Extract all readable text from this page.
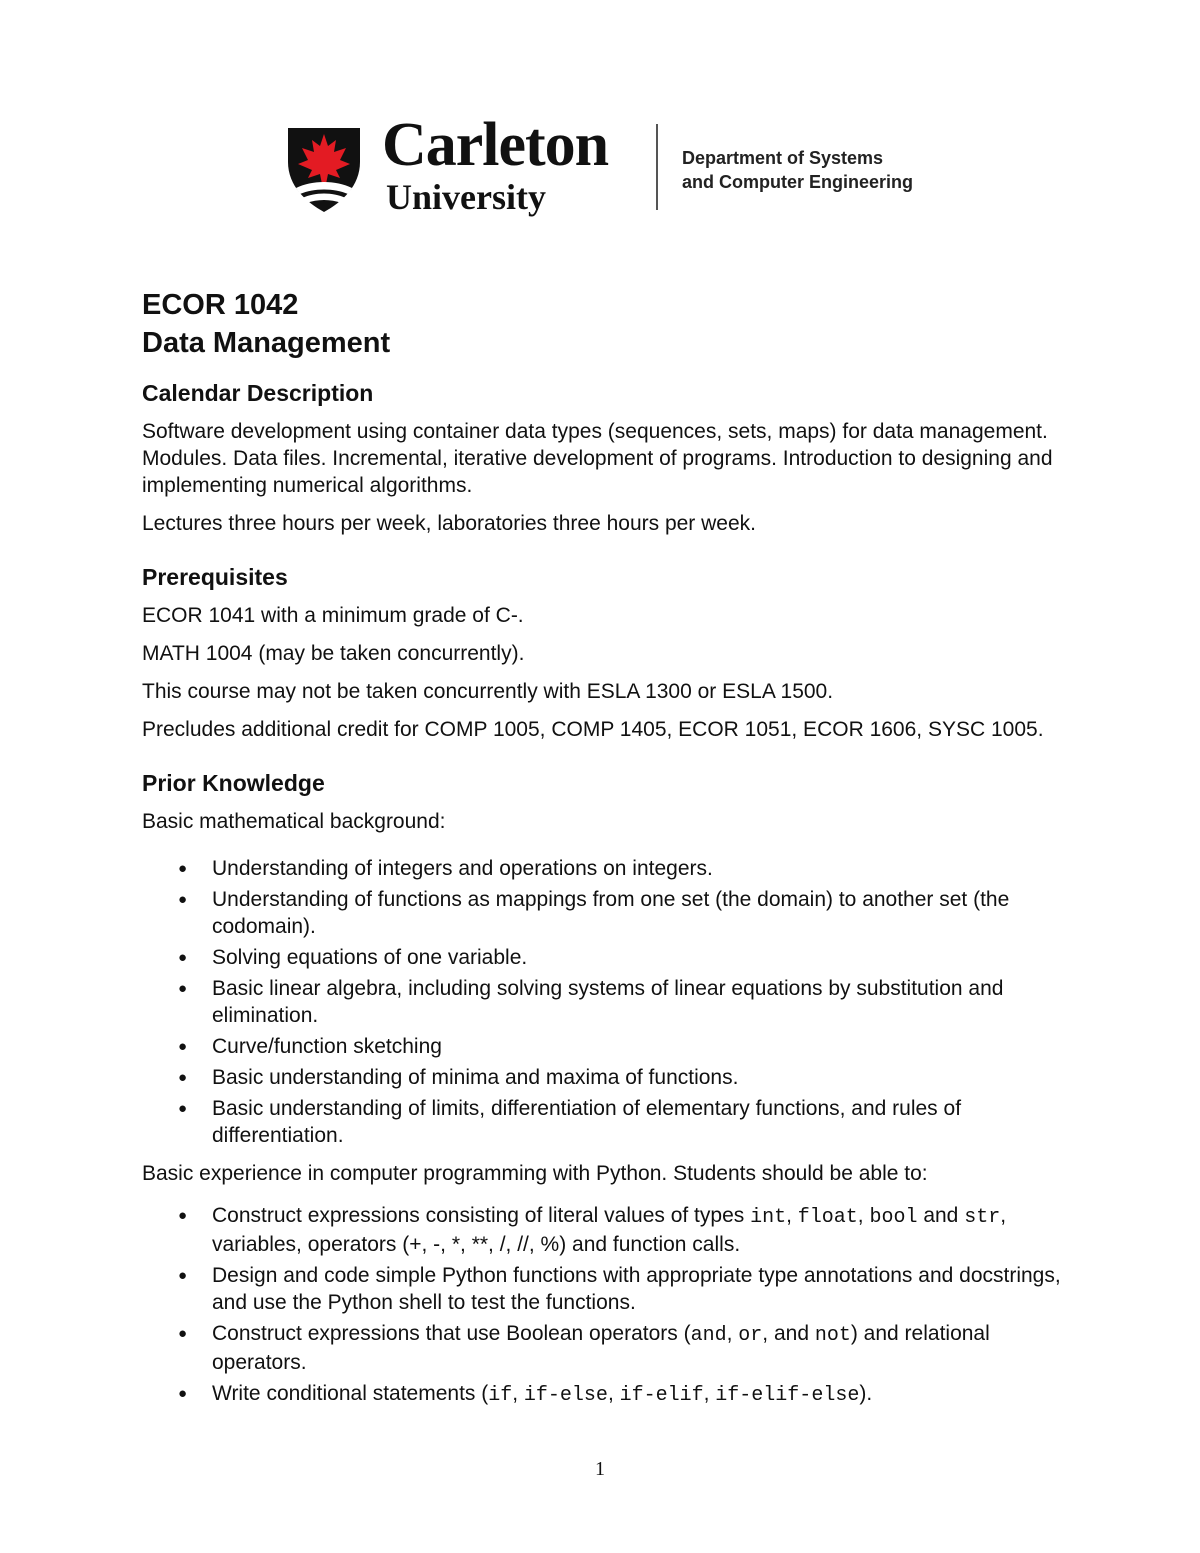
Carleton
University
Department of Systems
and Computer Engineering
ECOR 1042
Data Management
Calendar Description

Software development using container data types (sequences, sets, maps) for data management. Modules. Data files. Incremental, iterative development of programs. Introduction to designing and implementing numerical algorithms.

Lectures three hours per week, laboratories three hours per week.

Prerequisites

ECOR 1041 with a minimum grade of C-.

MATH 1004 (may be taken concurrently).

This course may not be taken concurrently with ESLA 1300 or ESLA 1500.

Precludes additional credit for COMP 1005, COMP 1405, ECOR 1051, ECOR 1606, SYSC 1005.

Prior Knowledge

Basic mathematical background:

● Understanding of integers and operations on integers.
● Understanding of functions as mappings from one set (the domain) to another set (the codomain).
● Solving equations of one variable.
● Basic linear algebra, including solving systems of linear equations by substitution and elimination.
● Curve/function sketching
● Basic understanding of minima and maxima of functions.
● Basic understanding of limits, differentiation of elementary functions, and rules of differentiation.

Basic experience in computer programming with Python. Students should be able to:

● Construct expressions consisting of literal values of types int, float, bool and str, variables, operators (+, -, *, **, /, //, %) and function calls.
● Design and code simple Python functions with appropriate type annotations and docstrings, and use the Python shell to test the functions.
● Construct expressions that use Boolean operators (and, or, and not) and relational operators.
● Write conditional statements (if, if-else, if-elif, if-elif-else).
1
